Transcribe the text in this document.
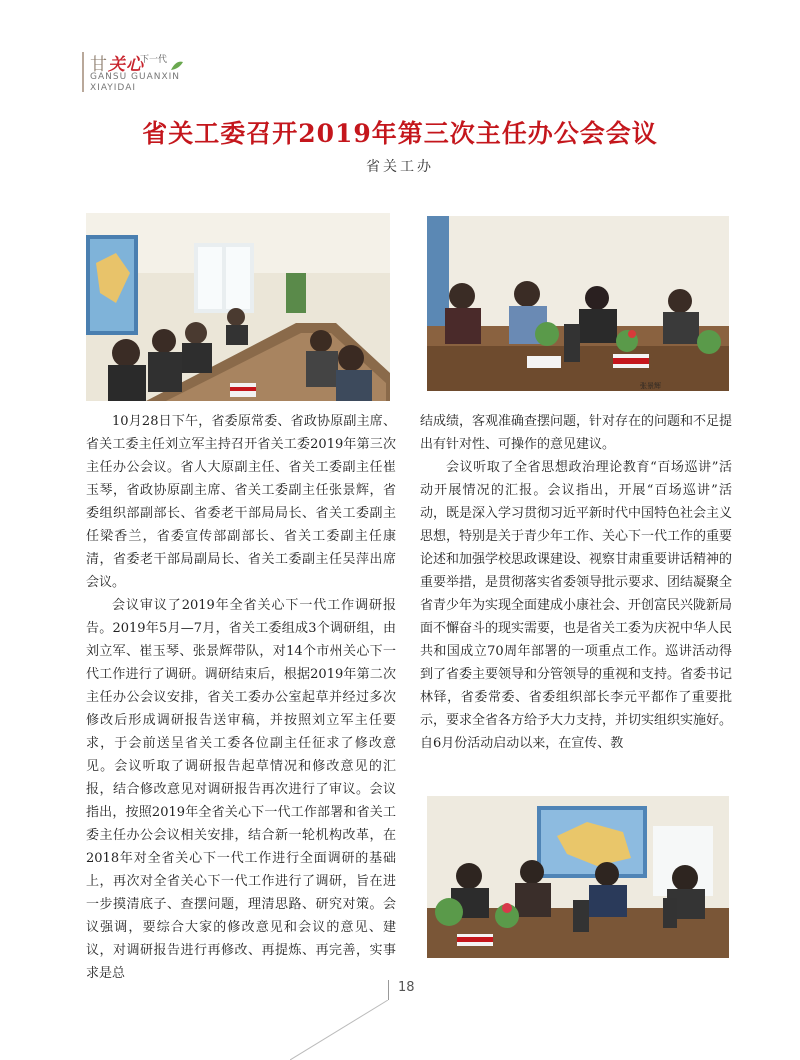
甘关心
下一代
GANSU GUANXIN
XIAYIDAI
省关工委召开2019年第三次主任办公会会议
省关工办
张景辉

10月28日下午，省委原常委、省政协原副主席、省关工委主任刘立军主持召开省关工委2019年第三次主任办公会议。省人大原副主任、省关工委副主任崔玉琴，省政协原副主席、省关工委副主任张景辉，省委组织部副部长、省委老干部局局长、省关工委副主任梁香兰，省委宣传部副部长、省关工委副主任康清，省委老干部局副局长、省关工委副主任吴萍出席会议。

会议审议了2019年全省关心下一代工作调研报告。2019年5月—7月，省关工委组成3个调研组，由刘立军、崔玉琴、张景辉带队，对14个市州关心下一代工作进行了调研。调研结束后，根据2019年第二次主任办公会议安排，省关工委办公室起草并经过多次修改后形成调研报告送审稿，并按照刘立军主任要求，于会前送呈省关工委各位副主任征求了修改意见。会议听取了调研报告起草情况和修改意见的汇报，结合修改意见对调研报告再次进行了审议。会议指出，按照2019年全省关心下一代工作部署和省关工委主任办公会议相关安排，结合新一轮机构改革，在2018年对全省关心下一代工作进行全面调研的基础上，再次对全省关心下一代工作进行了调研，旨在进一步摸清底子、查摆问题，理清思路、研究对策。会议强调，要综合大家的修改意见和会议的意见、建议，对调研报告进行再修改、再提炼、再完善，实事求是总

结成绩，客观准确查摆问题，针对存在的问题和不足提出有针对性、可操作的意见建议。

会议听取了全省思想政治理论教育“百场巡讲”活动开展情况的汇报。会议指出，开展“百场巡讲”活动，既是深入学习贯彻习近平新时代中国特色社会主义思想，特别是关于青少年工作、关心下一代工作的重要论述和加强学校思政课建设、视察甘肃重要讲话精神的重要举措，是贯彻落实省委领导批示要求、团结凝聚全省青少年为实现全面建成小康社会、开创富民兴陇新局面不懈奋斗的现实需要，也是省关工委为庆祝中华人民共和国成立70周年部署的一项重点工作。巡讲活动得到了省委主要领导和分管领导的重视和支持。省委书记林铎，省委常委、省委组织部长李元平都作了重要批示，要求全省各方给予大力支持，并切实组织实施好。自6月份活动启动以来，在宣传、教

18
